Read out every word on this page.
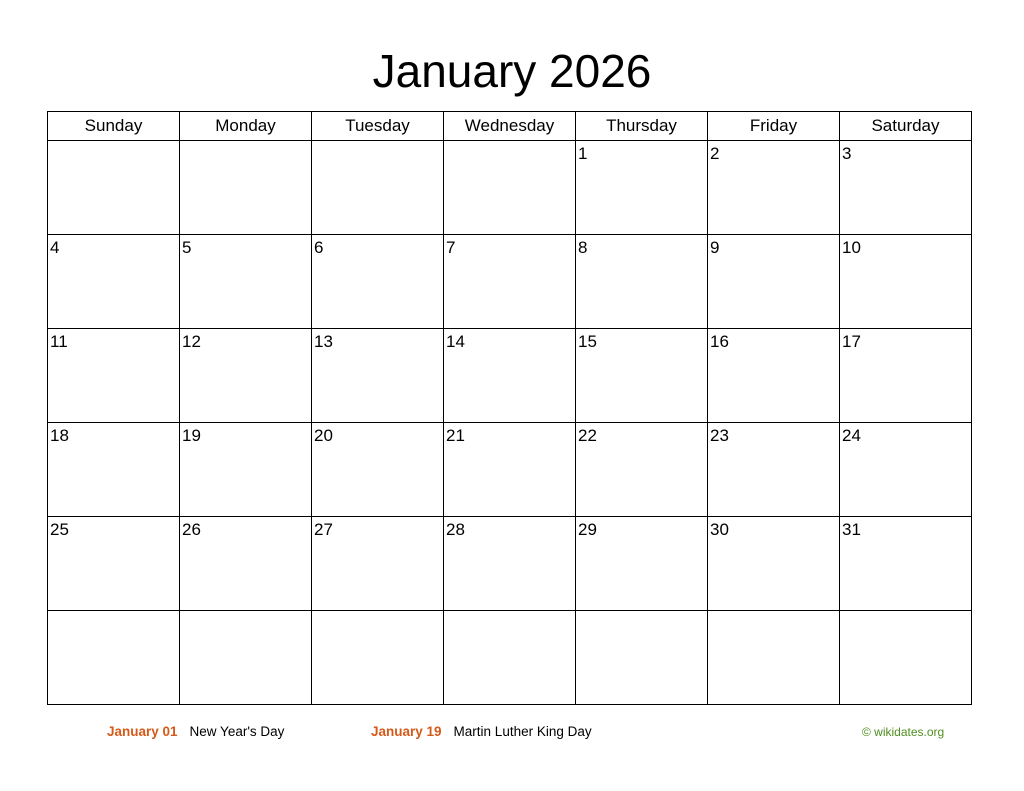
January 2026
Sunday	Monday	Tuesday	Wednesday	Thursday	Friday	Saturday

				1	2	3

4	5	6	7	8	9	10

11	12	13	14	15	16	17

18	19	20	21	22	23	24

25	26	27	28	29	30	31

January 01 New Year's Day	January 19 Martin Luther King Day	© wikidates.org
